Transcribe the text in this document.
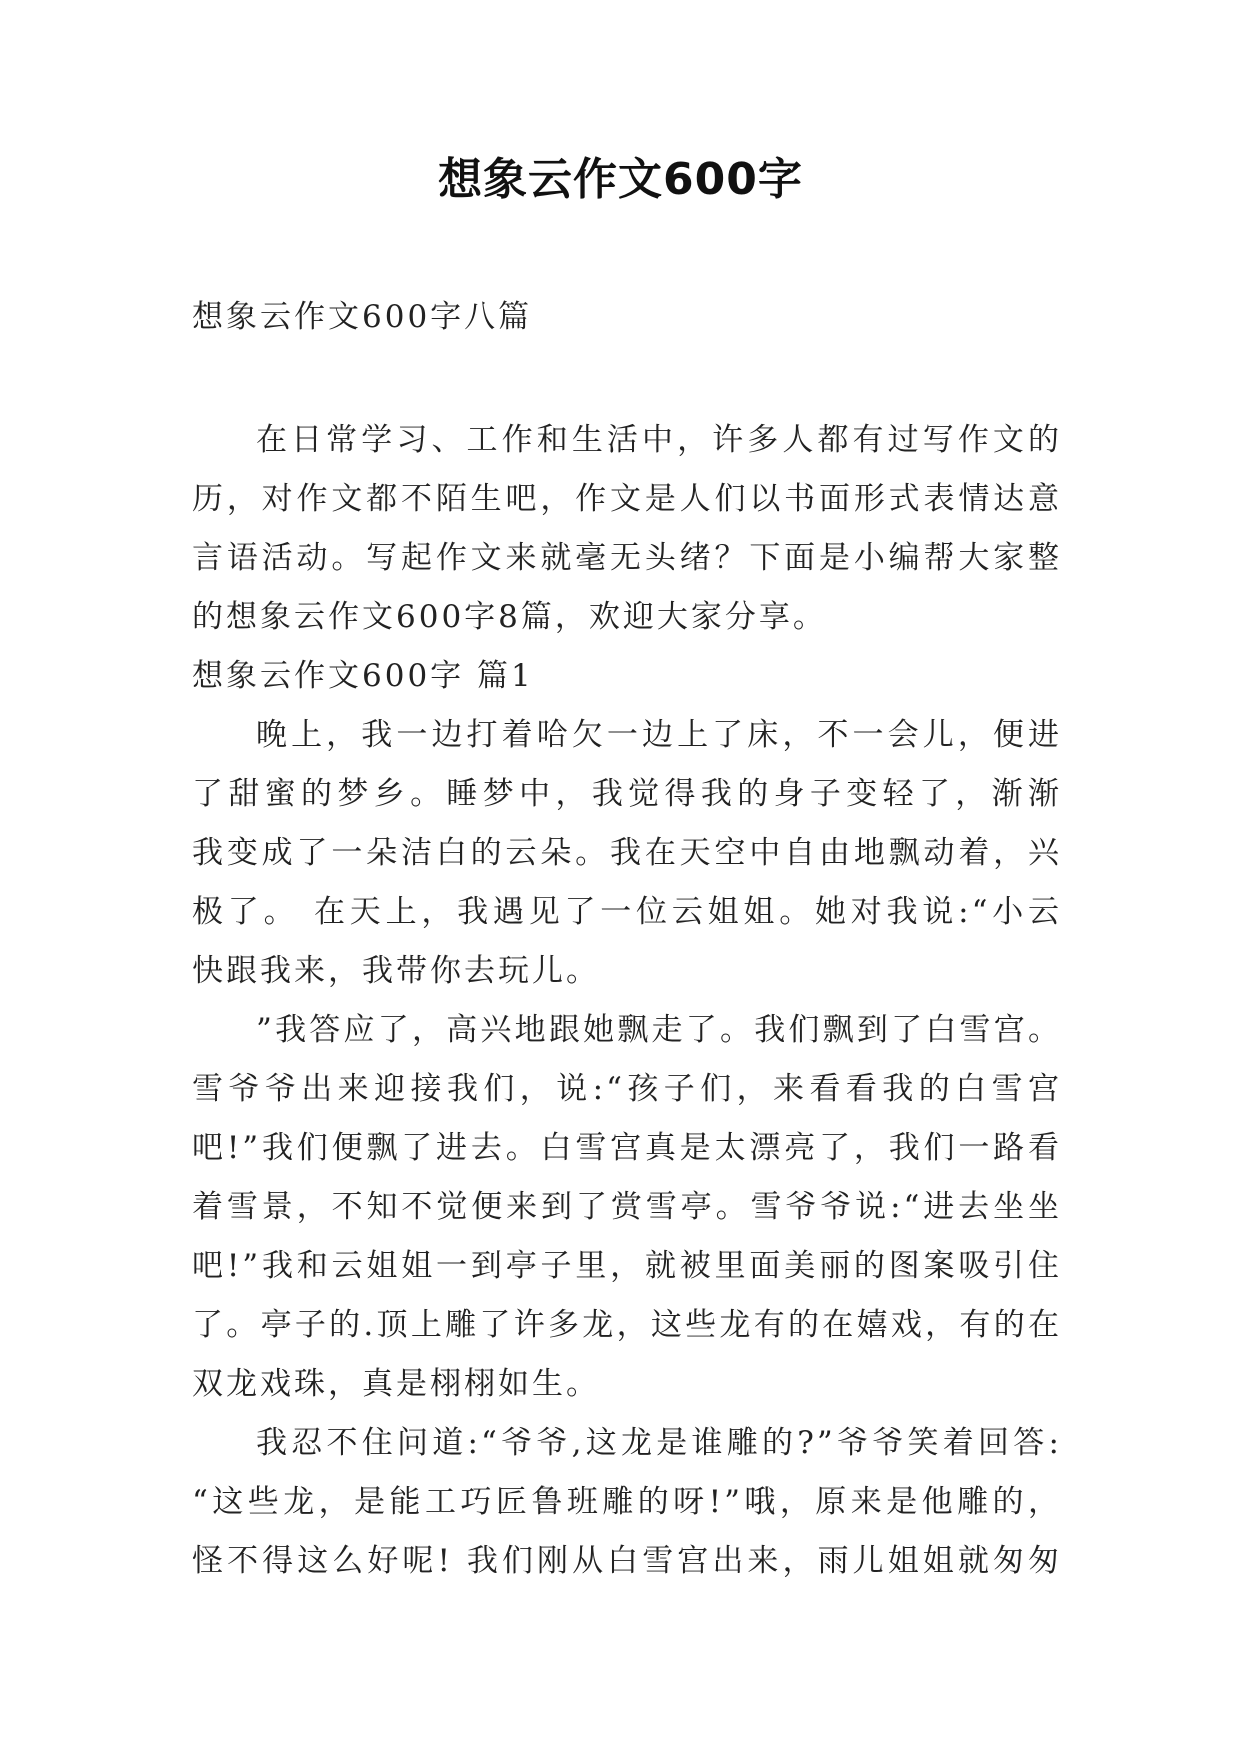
想象云作文600字
想象云作文600字八篇
在日常学习、工作和生活中，许多人都有过写作文的
历，对作文都不陌生吧，作文是人们以书面形式表情达意
言语活动。写起作文来就毫无头绪？下面是小编帮大家整
的想象云作文600字8篇，欢迎大家分享。
想象云作文600字 篇1
晚上，我一边打着哈欠一边上了床，不一会儿，便进
了甜蜜的梦乡。睡梦中，我觉得我的身子变轻了，渐渐
我变成了一朵洁白的云朵。我在天空中自由地飘动着，兴
极了。 在天上，我遇见了一位云姐姐。她对我说:“小云
快跟我来，我带你去玩儿。
”我答应了，高兴地跟她飘走了。我们飘到了白雪宫。
雪爷爷出来迎接我们，说:“孩子们，来看看我的白雪宫
吧!”我们便飘了进去。白雪宫真是太漂亮了，我们一路看
着雪景，不知不觉便来到了赏雪亭。雪爷爷说:“进去坐坐
吧!”我和云姐姐一到亭子里，就被里面美丽的图案吸引住
了。亭子的.顶上雕了许多龙，这些龙有的在嬉戏，有的在
双龙戏珠，真是栩栩如生。
我忍不住问道:“爷爷,这龙是谁雕的?”爷爷笑着回答:
“这些龙，是能工巧匠鲁班雕的呀!”哦，原来是他雕的，
怪不得这么好呢! 我们刚从白雪宫出来，雨儿姐姐就匆匆
